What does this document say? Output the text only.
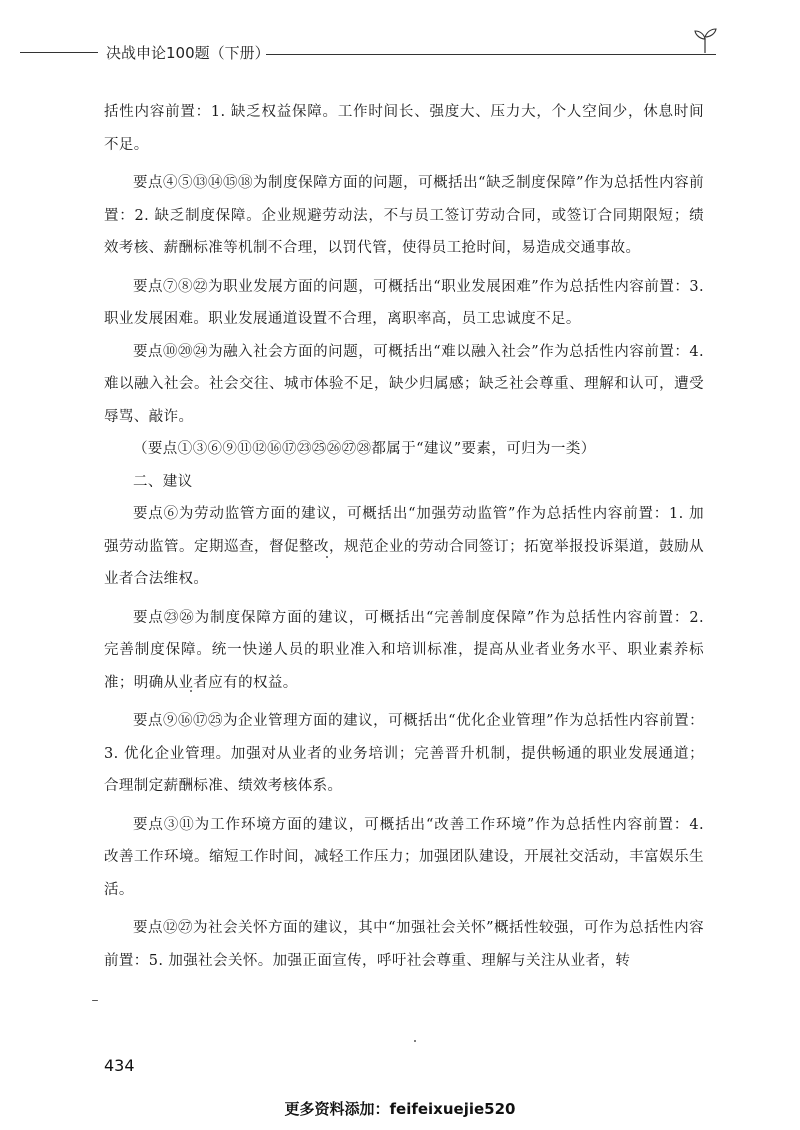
决战申论100题（下册）

括性内容前置：1. 缺乏权益保障。工作时间长、强度大、压力大，个人空间少，休息时间不足。

要点④⑤⑬⑭⑮⑱为制度保障方面的问题，可概括出“缺乏制度保障”作为总括性内容前置：2. 缺乏制度保障。企业规避劳动法，不与员工签订劳动合同，或签订合同期限短；绩效考核、薪酬标准等机制不合理，以罚代管，使得员工抢时间，易造成交通事故。

要点⑦⑧㉒为职业发展方面的问题，可概括出“职业发展困难”作为总括性内容前置：3. 职业发展困难。职业发展通道设置不合理，离职率高，员工忠诚度不足。

要点⑩⑳㉔为融入社会方面的问题，可概括出“难以融入社会”作为总括性内容前置：4. 难以融入社会。社会交往、城市体验不足，缺少归属感；缺乏社会尊重、理解和认可，遭受辱骂、敲诈。

（要点①③⑥⑨⑪⑫⑯⑰㉓㉕㉖㉗㉘都属于“建议”要素，可归为一类）

二、建议

要点⑥为劳动监管方面的建议，可概括出“加强劳动监管”作为总括性内容前置：1. 加强劳动监管。定期巡查，督促整改，规范企业的劳动合同签订；拓宽举报投诉渠道，鼓励从业者合法维权。

要点㉓㉖为制度保障方面的建议，可概括出“完善制度保障”作为总括性内容前置：2. 完善制度保障。统一快递人员的职业准入和培训标准，提高从业者业务水平、职业素养标准；明确从业者应有的权益。

要点⑨⑯⑰㉕为企业管理方面的建议，可概括出“优化企业管理”作为总括性内容前置：3. 优化企业管理。加强对从业者的业务培训；完善晋升机制，提供畅通的职业发展通道；合理制定薪酬标准、绩效考核体系。

要点③⑪为工作环境方面的建议，可概括出“改善工作环境”作为总括性内容前置：4. 改善工作环境。缩短工作时间，减轻工作压力；加强团队建设，开展社交活动，丰富娱乐生活。

要点⑫㉗为社会关怀方面的建议，其中“加强社会关怀”概括性较强，可作为总括性内容前置：5. 加强社会关怀。加强正面宣传，呼吁社会尊重、理解与关注从业者，转

434
更多资料添加：feifeixuejie520
